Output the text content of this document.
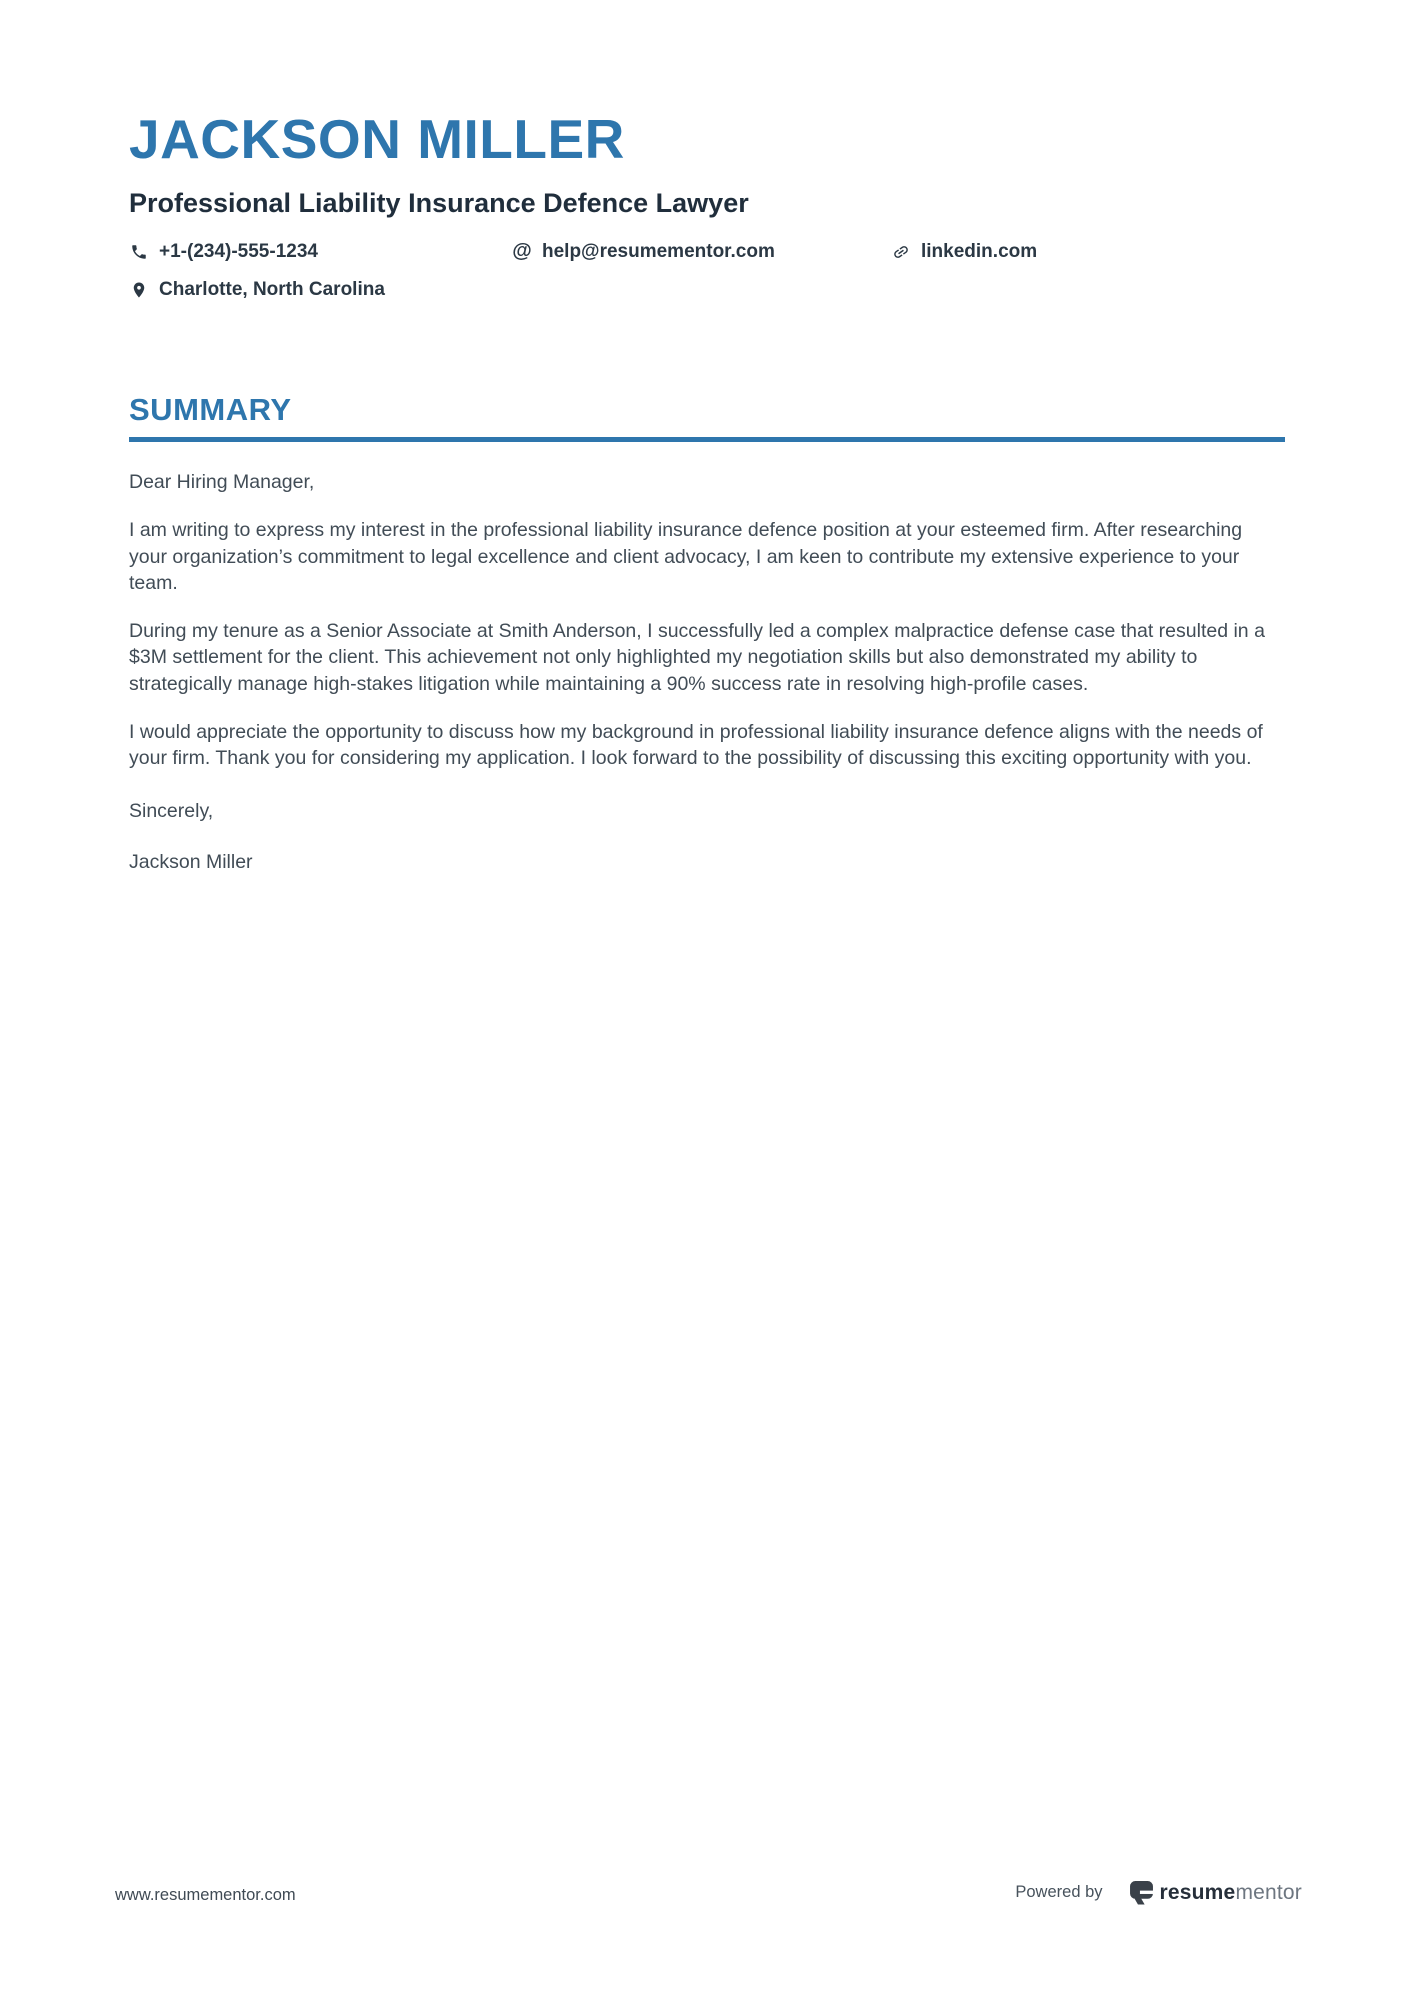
JACKSON MILLER
Professional Liability Insurance Defence Lawyer
+1-(234)-555-1234	@ help@resumementor.com	linkedin.com
Charlotte, North Carolina
SUMMARY

Dear Hiring Manager,

I am writing to express my interest in the professional liability insurance defence position at your esteemed firm. After researching your organization’s commitment to legal excellence and client advocacy, I am keen to contribute my extensive experience to your team.

During my tenure as a Senior Associate at Smith Anderson, I successfully led a complex malpractice defense case that resulted in a $3M settlement for the client. This achievement not only highlighted my negotiation skills but also demonstrated my ability to strategically manage high-stakes litigation while maintaining a 90% success rate in resolving high-profile cases.

I would appreciate the opportunity to discuss how my background in professional liability insurance defence aligns with the needs of your firm. Thank you for considering my application. I look forward to the possibility of discussing this exciting opportunity with you.

Sincerely,

Jackson Miller

www.resumementor.com	Powered by	resumementor
